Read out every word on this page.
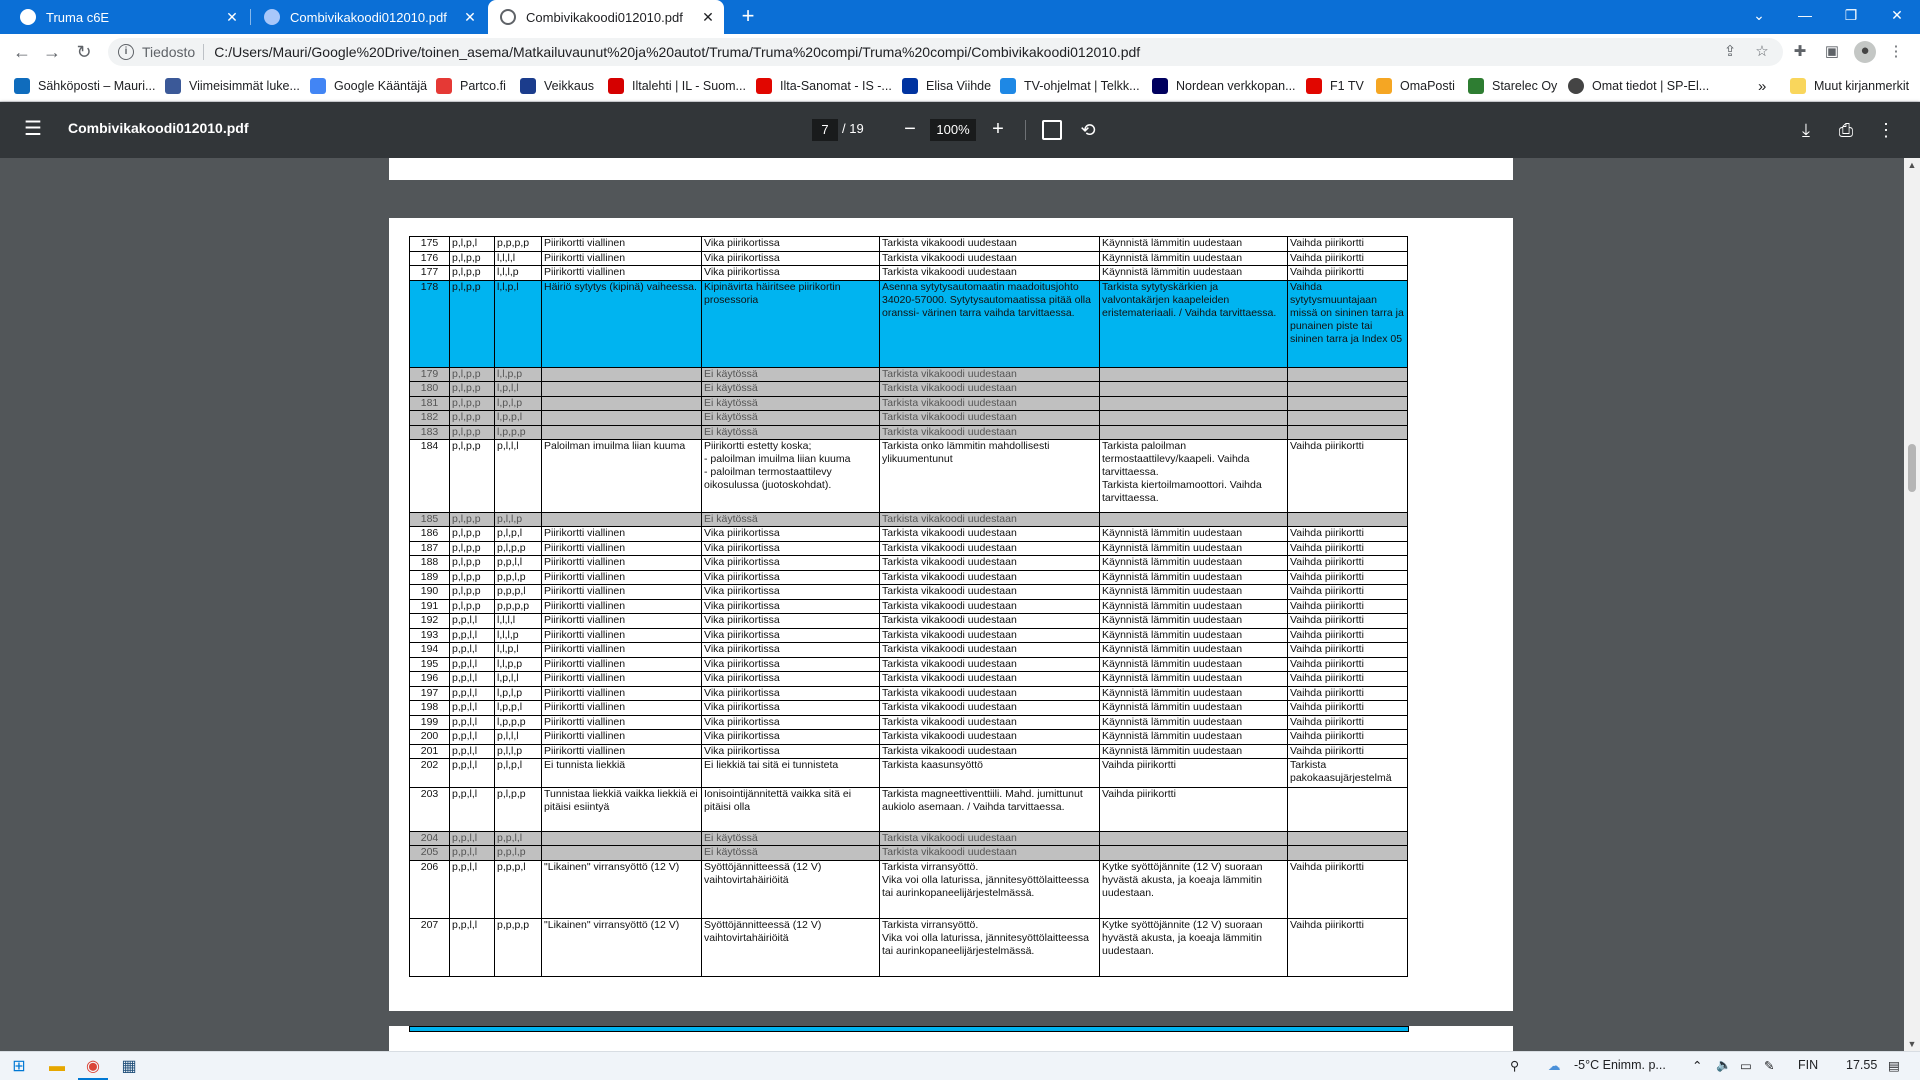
Truma c6E	✕	Combivikakoodi012010.pdf ✕	Combivikakoodi012010.pdf ✕ +	⌄	—	❐	✕
← → ↻	i	Tiedosto C:/Users/Mauri/Google%20Drive/toinen_asema/Matkailuvaunut%20ja%20autot/Truma/Truma%20compi/Truma%20compi/Combivikakoodi012010.pdf	⇪ ☆ ✚ ▣	●	⋮
Sähköposti – Mauri...	Viimeisimmät luke...	Google Kääntäjä	Partco.fi	Veikkaus	Iltalehti | IL - Suom...	Ilta-Sanomat - IS -...	Elisa Viihde	TV-ohjelmat | Telkk...	Nordean verkkopan...	F1 TV	OmaPosti	Starelec Oy	Omat tiedot | SP-El...	»	Muut kirjanmerkit
☰ Combivikakoodi012010.pdf	7	/ 19	−	100%	+	⟲	⤓	⎙ ⋮

175	p,l,p,l	p,p,p,p	Piirikortti viallinen	Vika piirikortissa	Tarkista vikakoodi uudestaan	Käynnistä lämmitin uudestaan	Vaihda piirikortti
176	p,l,p,p	l,l,l,l	Piirikortti viallinen	Vika piirikortissa	Tarkista vikakoodi uudestaan	Käynnistä lämmitin uudestaan	Vaihda piirikortti
177	p,l,p,p	l,l,l,p	Piirikortti viallinen	Vika piirikortissa	Tarkista vikakoodi uudestaan	Käynnistä lämmitin uudestaan	Vaihda piirikortti
178	p,l,p,p	l,l,p,l	Häiriö sytytys (kipinä) vaiheessa.	Kipinävirta häiritsee piirikortin prosessoria	Asenna sytytysautomaatin maadoitusjohto 34020-57000. Sytytysautomaatissa pitää olla oranssi- värinen tarra vaihda tarvittaessa.	Tarkista sytytyskärkien ja valvontakärjen kaapeleiden eristemateriaali. / Vaihda tarvittaessa.	Vaihda sytytysmuuntajaan missä on sininen tarra ja punainen piste tai sininen tarra ja Index 05
179	p,l,p,p	l,l,p,p		Ei käytössä	Tarkista vikakoodi uudestaan		
180	p,l,p,p	l,p,l,l		Ei käytössä	Tarkista vikakoodi uudestaan		
181	p,l,p,p	l,p,l,p		Ei käytössä	Tarkista vikakoodi uudestaan		
182	p,l,p,p	l,p,p,l		Ei käytössä	Tarkista vikakoodi uudestaan		
183	p,l,p,p	l,p,p,p		Ei käytössä	Tarkista vikakoodi uudestaan		
184	p,l,p,p	p,l,l,l	Paloilman imuilma liian kuuma	Piirikortti estetty koska;
- paloilman imuilma liian kuuma
- paloilman termostaattilevy oikosulussa (juotoskohdat).	Tarkista onko lämmitin mahdollisesti ylikuumentunut	Tarkista paloilman termostaattilevy/kaapeli. Vaihda tarvittaessa.
Tarkista kiertoilmamoottori. Vaihda tarvittaessa.	Vaihda piirikortti
185	p,l,p,p	p,l,l,p		Ei käytössä	Tarkista vikakoodi uudestaan		
186	p,l,p,p	p,l,p,l	Piirikortti viallinen	Vika piirikortissa	Tarkista vikakoodi uudestaan	Käynnistä lämmitin uudestaan	Vaihda piirikortti
187	p,l,p,p	p,l,p,p	Piirikortti viallinen	Vika piirikortissa	Tarkista vikakoodi uudestaan	Käynnistä lämmitin uudestaan	Vaihda piirikortti
188	p,l,p,p	p,p,l,l	Piirikortti viallinen	Vika piirikortissa	Tarkista vikakoodi uudestaan	Käynnistä lämmitin uudestaan	Vaihda piirikortti
189	p,l,p,p	p,p,l,p	Piirikortti viallinen	Vika piirikortissa	Tarkista vikakoodi uudestaan	Käynnistä lämmitin uudestaan	Vaihda piirikortti
190	p,l,p,p	p,p,p,l	Piirikortti viallinen	Vika piirikortissa	Tarkista vikakoodi uudestaan	Käynnistä lämmitin uudestaan	Vaihda piirikortti
191	p,l,p,p	p,p,p,p	Piirikortti viallinen	Vika piirikortissa	Tarkista vikakoodi uudestaan	Käynnistä lämmitin uudestaan	Vaihda piirikortti
192	p,p,l,l	l,l,l,l	Piirikortti viallinen	Vika piirikortissa	Tarkista vikakoodi uudestaan	Käynnistä lämmitin uudestaan	Vaihda piirikortti
193	p,p,l,l	l,l,l,p	Piirikortti viallinen	Vika piirikortissa	Tarkista vikakoodi uudestaan	Käynnistä lämmitin uudestaan	Vaihda piirikortti
194	p,p,l,l	l,l,p,l	Piirikortti viallinen	Vika piirikortissa	Tarkista vikakoodi uudestaan	Käynnistä lämmitin uudestaan	Vaihda piirikortti
195	p,p,l,l	l,l,p,p	Piirikortti viallinen	Vika piirikortissa	Tarkista vikakoodi uudestaan	Käynnistä lämmitin uudestaan	Vaihda piirikortti
196	p,p,l,l	l,p,l,l	Piirikortti viallinen	Vika piirikortissa	Tarkista vikakoodi uudestaan	Käynnistä lämmitin uudestaan	Vaihda piirikortti
197	p,p,l,l	l,p,l,p	Piirikortti viallinen	Vika piirikortissa	Tarkista vikakoodi uudestaan	Käynnistä lämmitin uudestaan	Vaihda piirikortti
198	p,p,l,l	l,p,p,l	Piirikortti viallinen	Vika piirikortissa	Tarkista vikakoodi uudestaan	Käynnistä lämmitin uudestaan	Vaihda piirikortti
199	p,p,l,l	l,p,p,p	Piirikortti viallinen	Vika piirikortissa	Tarkista vikakoodi uudestaan	Käynnistä lämmitin uudestaan	Vaihda piirikortti
200	p,p,l,l	p,l,l,l	Piirikortti viallinen	Vika piirikortissa	Tarkista vikakoodi uudestaan	Käynnistä lämmitin uudestaan	Vaihda piirikortti
201	p,p,l,l	p,l,l,p	Piirikortti viallinen	Vika piirikortissa	Tarkista vikakoodi uudestaan	Käynnistä lämmitin uudestaan	Vaihda piirikortti
202	p,p,l,l	p,l,p,l	Ei tunnista liekkiä	Ei liekkiä tai sitä ei tunnisteta	Tarkista kaasunsyöttö	Vaihda piirikortti	Tarkista pakokaasujärjestelmä
203	p,p,l,l	p,l,p,p	Tunnistaa liekkiä vaikka liekkiä ei pitäisi esiintyä	Ionisointijännitettä vaikka sitä ei pitäisi olla	Tarkista magneettiventtiili. Mahd. jumittunut aukiolo asemaan. / Vaihda tarvittaessa.	Vaihda piirikortti	
204	p,p,l,l	p,p,l,l		Ei käytössä	Tarkista vikakoodi uudestaan		
205	p,p,l,l	p,p,l,p		Ei käytössä	Tarkista vikakoodi uudestaan		
206	p,p,l,l	p,p,p,l	"Likainen" virransyöttö (12 V)	Syöttöjännitteessä (12 V) vaihtovirtahäiriöitä	Tarkista virransyöttö.
Vika voi olla laturissa, jännitesyöttölaitteessa tai aurinkopaneelijärjestelmässä.	Kytke syöttöjännite (12 V) suoraan hyvästä akusta, ja koeaja lämmitin uudestaan.	Vaihda piirikortti
207	p,p,l,l	p,p,p,p	"Likainen" virransyöttö (12 V)	Syöttöjännitteessä (12 V) vaihtovirtahäiriöitä	Tarkista virransyöttö.
Vika voi olla laturissa, jännitesyöttölaitteessa tai aurinkopaneelijärjestelmässä.	Kytke syöttöjännite (12 V) suoraan hyvästä akusta, ja koeaja lämmitin uudestaan.	Vaihda piirikortti
▲
▼
⊞	▬	◉	▦	⚲ ☁ -5°C Enimm. p... ⌃ 🔈 ▭ ✎ FIN 17.55 ▤
